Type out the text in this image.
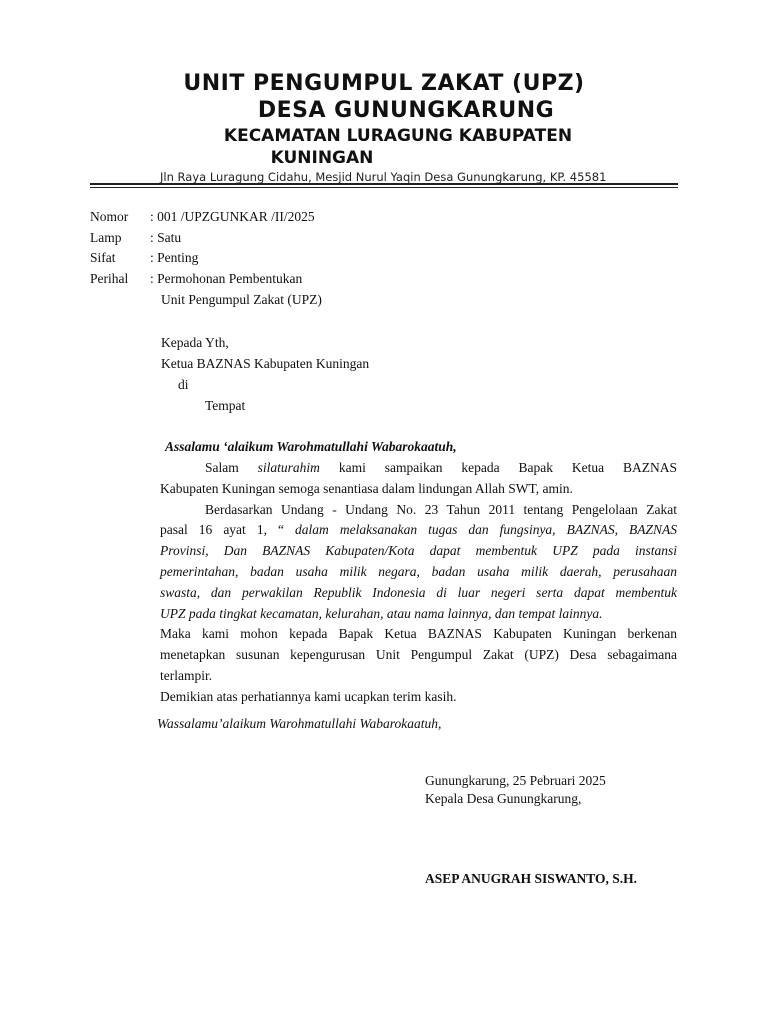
UNIT PENGUMPUL ZAKAT (UPZ)
DESA GUNUNGKARUNG
KECAMATAN LURAGUNG KABUPATEN
KUNINGAN
Jln Raya Luragung Cidahu, Mesjid Nurul Yaqin Desa Gunungkarung, KP. 45581
Nomor : 001 /UPZGUNKAR /II/2025
Lamp : Satu
Sifat	: Penting
Perihal : Permohonan Pembentukan
Unit Pengumpul Zakat (UPZ)
Kepada Yth,
Ketua BAZNAS Kabupaten Kuningan
di
Tempat
Assalamu ‘alaikum Warohmatullahi Wabarokaatuh,
Salam silaturahim kami sampaikan kepada Bapak Ketua BAZNAS
Kabupaten Kuningan semoga senantiasa dalam lindungan Allah SWT, amin.
Berdasarkan Undang - Undang No. 23 Tahun 2011 tentang Pengelolaan Zakat
pasal 16 ayat 1, “ dalam melaksanakan tugas dan fungsinya, BAZNAS, BAZNAS
Provinsi, Dan BAZNAS Kabupaten/Kota dapat membentuk UPZ pada instansi
pemerintahan, badan usaha milik negara, badan usaha milik daerah, perusahaan
swasta, dan perwakilan Republik Indonesia di luar negeri serta dapat membentuk
UPZ pada tingkat kecamatan, kelurahan, atau nama lainnya, dan tempat lainnya.
Maka kami mohon kepada Bapak Ketua BAZNAS Kabupaten Kuningan berkenan
menetapkan susunan kepengurusan Unit Pengumpul Zakat (UPZ) Desa sebagaimana
terlampir.
Demikian atas perhatiannya kami ucapkan terim kasih.
Wassalamu’alaikum Warohmatullahi Wabarokaatuh,
Gunungkarung, 25 Pebruari 2025
Kepala Desa Gunungkarung,
ASEP ANUGRAH SISWANTO, S.H.
